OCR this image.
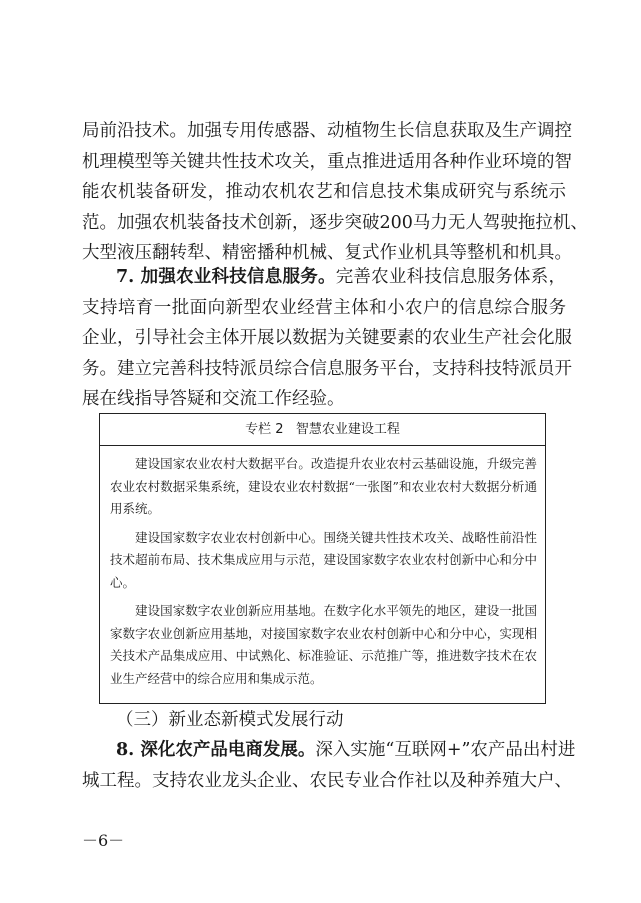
局前沿技术。加强专用传感器、动植物生长信息获取及生产调控

机理模型等关键共性技术攻关，重点推进适用各种作业环境的智

能农机装备研发，推动农机农艺和信息技术集成研究与系统示

范。加强农机装备技术创新，逐步突破200马力无人驾驶拖拉机、

大型液压翻转犁、精密播种机械、复式作业机具等整机和机具。

7. 加强农业科技信息服务。完善农业科技信息服务体系，

支持培育一批面向新型农业经营主体和小农户的信息综合服务

企业，引导社会主体开展以数据为关键要素的农业生产社会化服

务。建立完善科技特派员综合信息服务平台，支持科技特派员开

展在线指导答疑和交流工作经验。

专栏 2 智慧农业建设工程

建设国家农业农村大数据平台。改造提升农业农村云基础设施，升级完善

农业农村数据采集系统，建设农业农村数据“一张图”和农业农村大数据分析通

用系统。

建设国家数字农业农村创新中心。围绕关键共性技术攻关、战略性前沿性

技术超前布局、技术集成应用与示范，建设国家数字农业农村创新中心和分中

心。

建设国家数字农业创新应用基地。在数字化水平领先的地区，建设一批国

家数字农业创新应用基地，对接国家数字农业农村创新中心和分中心，实现相

关技术产品集成应用、中试熟化、标准验证、示范推广等，推进数字技术在农

业生产经营中的综合应用和集成示范。

（三）新业态新模式发展行动

8. 深化农产品电商发展。深入实施“互联网+”农产品出村进

城工程。支持农业龙头企业、农民专业合作社以及种养殖大户、

－6－
